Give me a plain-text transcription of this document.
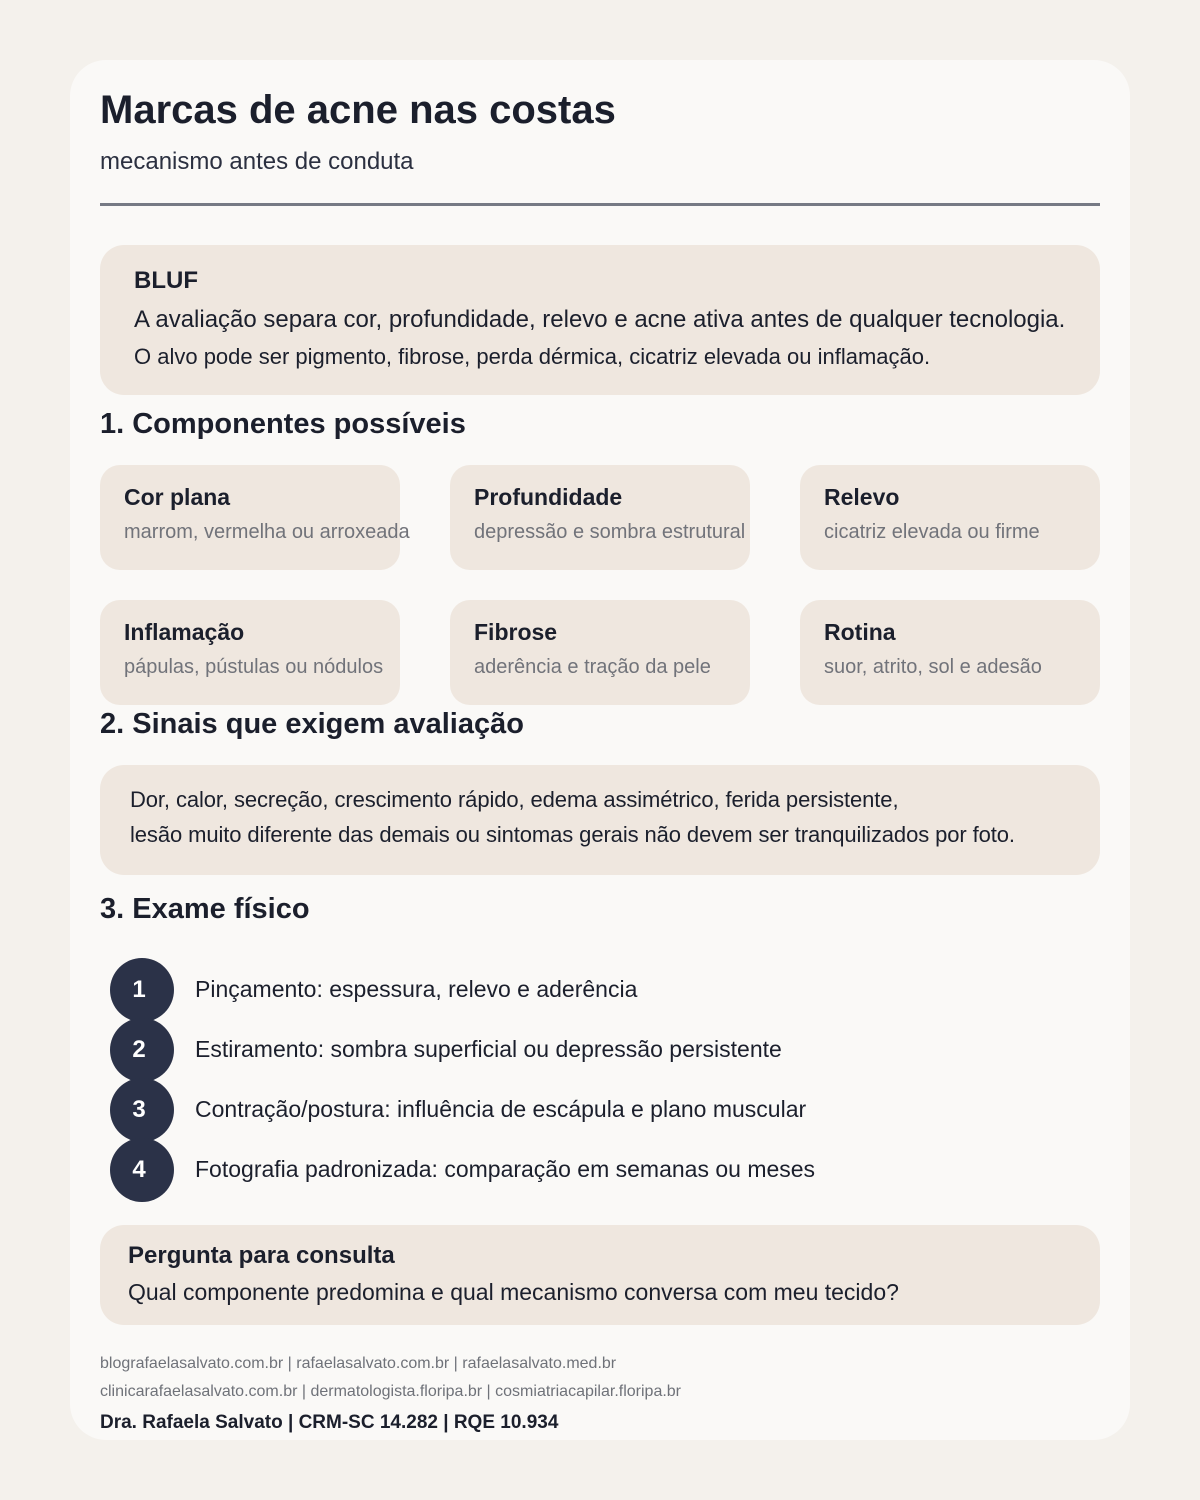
Marcas de acne nas costas
mecanismo antes de conduta
BLUF
A avaliação separa cor, profundidade, relevo e acne ativa antes de qualquer tecnologia.
O alvo pode ser pigmento, fibrose, perda dérmica, cicatriz elevada ou inflamação.
1. Componentes possíveis
Cor plana
marrom, vermelha ou arroxeada
Profundidade
depressão e sombra estrutural
Relevo
cicatriz elevada ou firme
Inflamação
pápulas, pústulas ou nódulos
Fibrose
aderência e tração da pele
Rotina
suor, atrito, sol e adesão
2. Sinais que exigem avaliação
Dor, calor, secreção, crescimento rápido, edema assimétrico, ferida persistente,
lesão muito diferente das demais ou sintomas gerais não devem ser tranquilizados por foto.
3. Exame físico
1	Pinçamento: espessura, relevo e aderência
2	Estiramento: sombra superficial ou depressão persistente
3	Contração/postura: influência de escápula e plano muscular
4	Fotografia padronizada: comparação em semanas ou meses
Pergunta para consulta
Qual componente predomina e qual mecanismo conversa com meu tecido?
blografaelasalvato.com.br | rafaelasalvato.com.br | rafaelasalvato.med.br
clinicarafaelasalvato.com.br | dermatologista.floripa.br | cosmiatriacapilar.floripa.br
Dra. Rafaela Salvato | CRM-SC 14.282 | RQE 10.934
